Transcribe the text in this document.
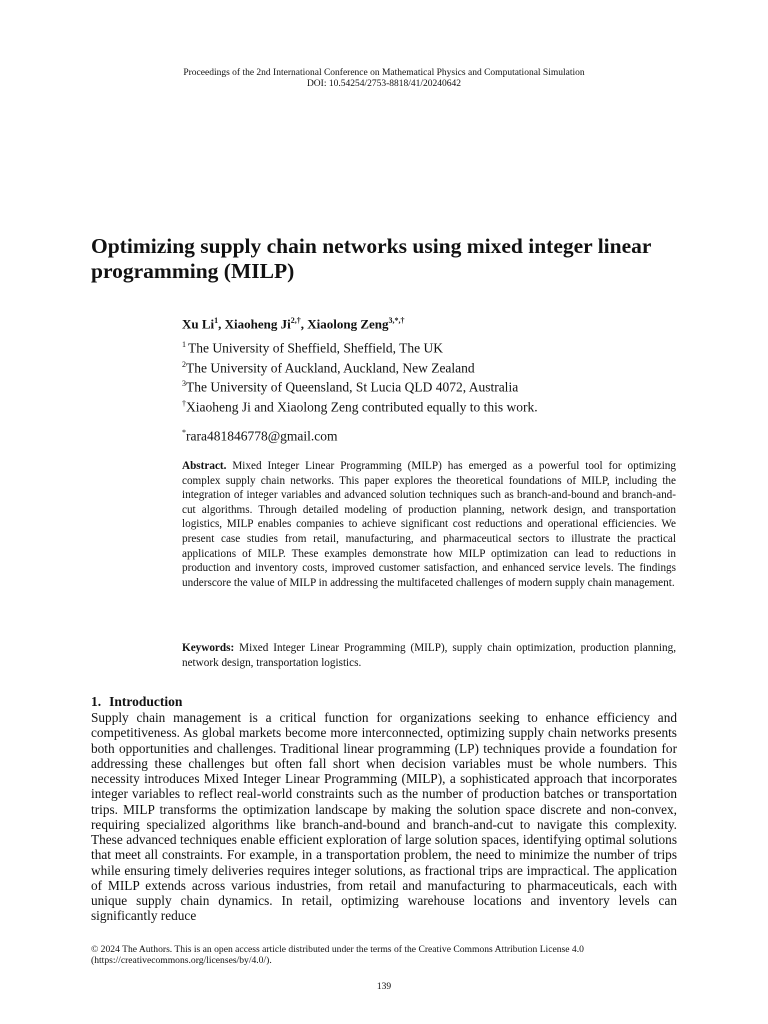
Proceedings of the 2nd International Conference on Mathematical Physics and Computational Simulation
DOI: 10.54254/2753-8818/41/20240642
Optimizing supply chain networks using mixed integer linear programming (MILP)
Xu Li$^1$, Xiaoheng $Ji^{2,\dagger}$, Xiaolong Zeng$^{3,*,\dagger}$
$^1$ The University of Sheffield, Sheffield, The UK
$^2$The University of Auckland, Auckland, New Zealand
$^3$The University of Queensland, St Lucia QLD 4072, Australia
†Xiaoheng Ji and Xiaolong Zeng contributed equally to this work.
*rara481846778@gmail.com
Abstract. Mixed Integer Linear Programming (MILP) has emerged as a powerful tool for optimizing complex supply chain networks. This paper explores the theoretical foundations of MILP, including the integration of integer variables and advanced solution techniques such as branch-and-bound and branch-and-cut algorithms. Through detailed modeling of production planning, network design, and transportation logistics, MILP enables companies to achieve significant cost reductions and operational efficiencies. We present case studies from retail, manufacturing, and pharmaceutical sectors to illustrate the practical applications of MILP. These examples demonstrate how MILP optimization can lead to reductions in production and inventory costs, improved customer satisfaction, and enhanced service levels. The findings underscore the value of MILP in addressing the multifaceted challenges of modern supply chain management.
Keywords: Mixed Integer Linear Programming (MILP), supply chain optimization, production planning, network design, transportation logistics.
1. Introduction
Supply chain management is a critical function for organizations seeking to enhance efficiency and competitiveness. As global markets become more interconnected, optimizing supply chain networks presents both opportunities and challenges. Traditional linear programming (LP) techniques provide a foundation for addressing these challenges but often fall short when decision variables must be whole numbers. This necessity introduces Mixed Integer Linear Programming (MILP), a sophisticated approach that incorporates integer variables to reflect real-world constraints such as the number of production batches or transportation trips. MILP transforms the optimization landscape by making the solution space discrete and non-convex, requiring specialized algorithms like branch-and-bound and branch-and-cut to navigate this complexity. These advanced techniques enable efficient exploration of large solution spaces, identifying optimal solutions that meet all constraints. For example, in a transportation problem, the need to minimize the number of trips while ensuring timely deliveries requires integer solutions, as fractional trips are impractical. The application of MILP extends across various industries, from retail and manufacturing to pharmaceuticals, each with unique supply chain dynamics. In retail, optimizing warehouse locations and inventory levels can significantly reduce
© 2024 The Authors. This is an open access article distributed under the terms of the Creative Commons Attribution License 4.0 (https://creativecommons.org/licenses/by/4.0/).
139
